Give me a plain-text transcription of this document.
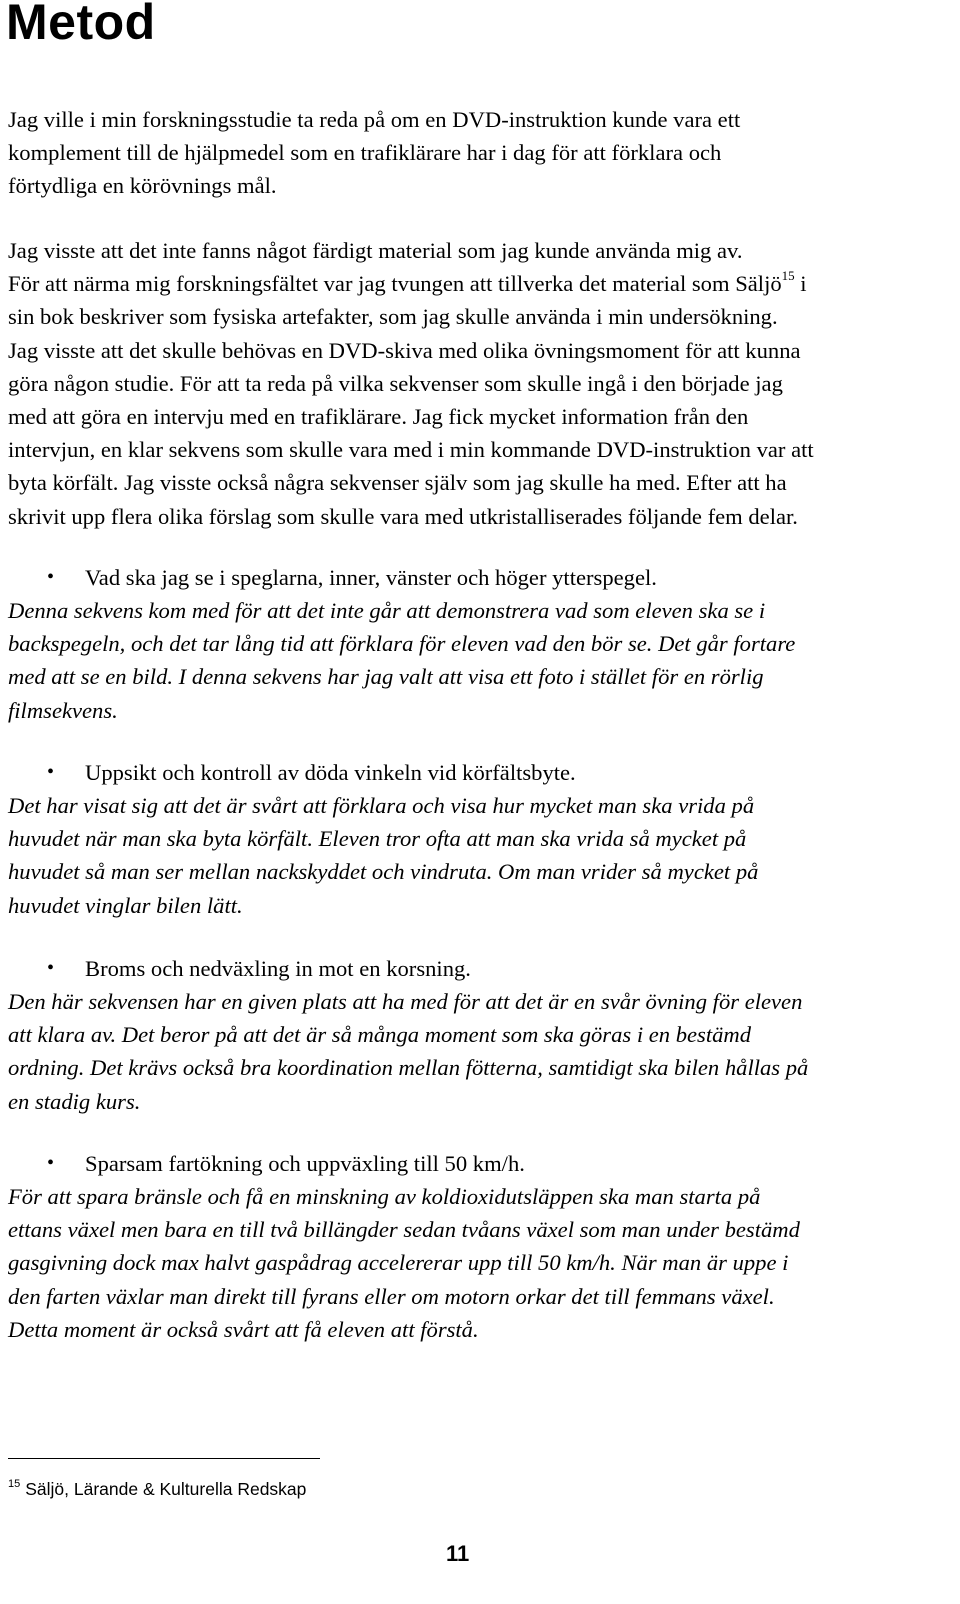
Metod
Jag ville i min forskningsstudie ta reda på om en DVD-instruktion kunde vara ett
komplement till de hjälpmedel som en trafiklärare har i dag för att förklara och
förtydliga en körövnings mål.
Jag visste att det inte fanns något färdigt material som jag kunde använda mig av.
För att närma mig forskningsfältet var jag tvungen att tillverka det material som Säljö$^{15}$ i
sin bok beskriver som fysiska artefakter, som jag skulle använda i min undersökning.
Jag visste att det skulle behövas en DVD-skiva med olika övningsmoment för att kunna
göra någon studie. För att ta reda på vilka sekvenser som skulle ingå i den började jag
med att göra en intervju med en trafiklärare. Jag fick mycket information från den
intervjun, en klar sekvens som skulle vara med i min kommande DVD-instruktion var att
byta körfält. Jag visste också några sekvenser själv som jag skulle ha med. Efter att ha
skrivit upp flera olika förslag som skulle vara med utkristalliserades följande fem delar.
• Vad ska jag se i speglarna, inner, vänster och höger ytterspegel.
Denna sekvens kom med för att det inte går att demonstrera vad som eleven ska se i
backspegeln, och det tar lång tid att förklara för eleven vad den bör se. Det går fortare
med att se en bild. I denna sekvens har jag valt att visa ett foto i stället för en rörlig
filmsekvens.
• Uppsikt och kontroll av döda vinkeln vid körfältsbyte.
Det har visat sig att det är svårt att förklara och visa hur mycket man ska vrida på
huvudet när man ska byta körfält. Eleven tror ofta att man ska vrida så mycket på
huvudet så man ser mellan nackskyddet och vindruta. Om man vrider så mycket på
huvudet vinglar bilen lätt.
• Broms och nedväxling in mot en korsning.
Den här sekvensen har en given plats att ha med för att det är en svår övning för eleven
att klara av. Det beror på att det är så många moment som ska göras i en bestämd
ordning. Det krävs också bra koordination mellan fötterna, samtidigt ska bilen hållas på
en stadig kurs.
• Sparsam fartökning och uppväxling till 50 km/h.
För att spara bränsle och få en minskning av koldioxidutsläppen ska man starta på
ettans växel men bara en till två billängder sedan tvåans växel som man under bestämd
gasgivning dock max halvt gaspådrag accelererar upp till 50 km/h. När man är uppe i
den farten växlar man direkt till fyrans eller om motorn orkar det till femmans växel.
Detta moment är också svårt att få eleven att förstå.
$^{15}$ Säljö, Lärande & Kulturella Redskap
11
